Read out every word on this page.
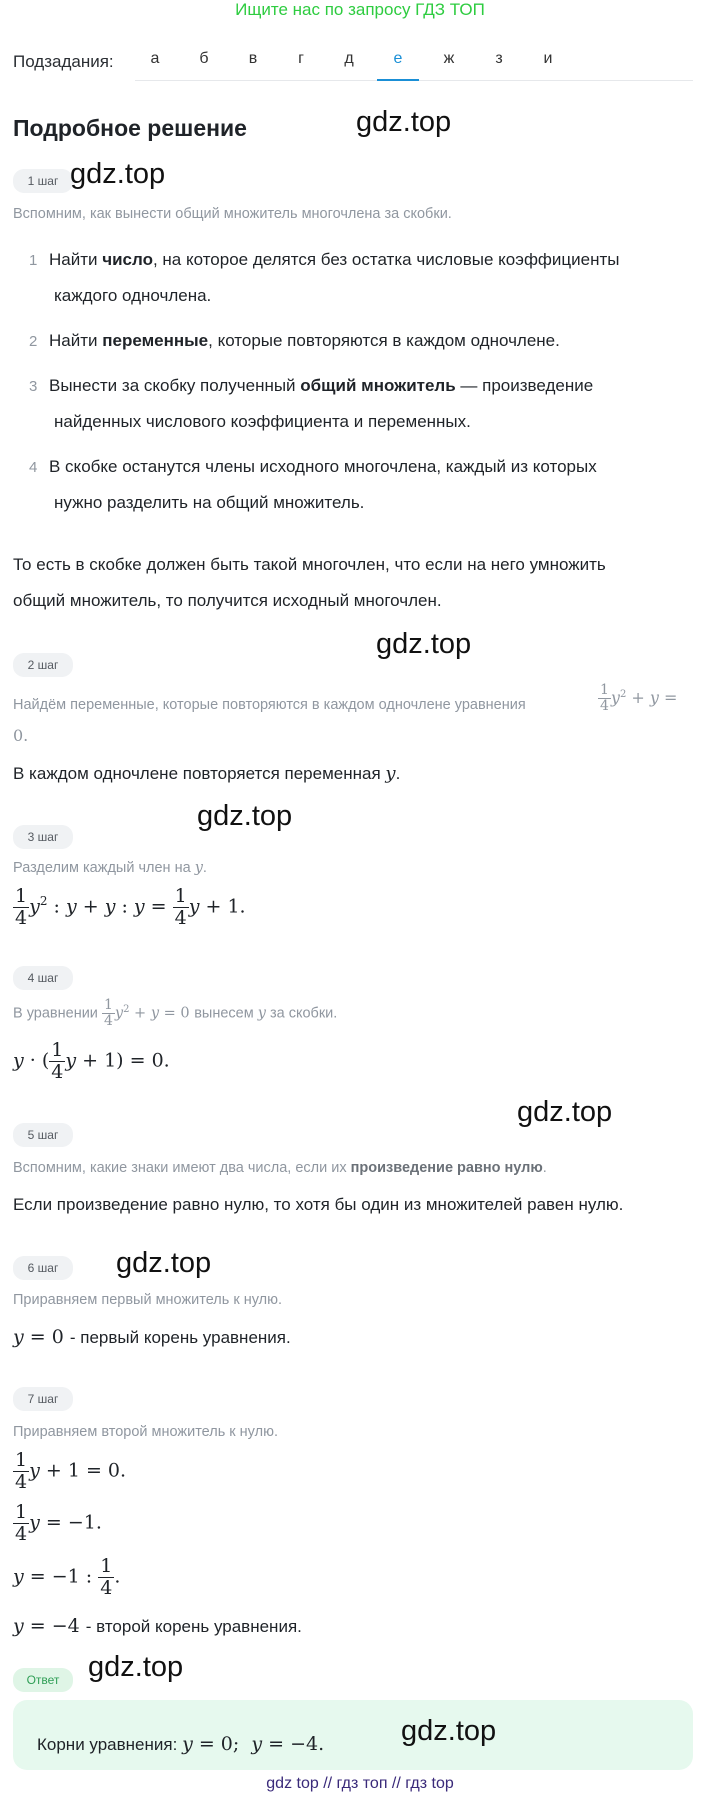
Ищите нас по запросу ГДЗ ТОП
Подзадания:	а	б	в	г	д	е	ж	з	и
Подробное решение	gdz.top
1 шаг gdz.top
Вспомним, как вынести общий множитель многочлена за скобки.
1 Найти число, на которое делятся без остатка числовые коэффициенты
каждого одночлена.
2 Найти переменные, которые повторяются в каждом одночлене.
3 Вынести за скобку полученный общий множитель — произведение
найденных числового коэффициента и переменных.
4 В скобке останутся члены исходного многочлена, каждый из которых
нужно разделить на общий множитель.
То есть в скобке должен быть такой многочлен, что если на него умножить
общий множитель, то получится исходный многочлен.
gdz.top
2 шаг
Найдём переменные, которые повторяются в каждом одночлене уравнения	$\frac{1}{4} y^2 + y$ =
0.
В каждом одночлене повторяется переменная y.
gdz.top
3 шаг
Разделим каждый член на y.
$\frac{1}{4} y^2$ : y + y : $y = \frac{1}{4}$ y + 1.
4 шаг
В уравнении $\frac{1}{4} y^2 + y = 0$ вынесем y за скобки.
y · ( $\frac{1}{4}$ y + 1) = 0.
gdz.top
5 шаг
Вспомним, какие знаки имеют два числа, если их произведение равно нулю.
Если произведение равно нулю, то хотя бы один из множителей равен нулю.
6 шаг	gdz.top
Приравняем первый множитель к нулю.
y = 0 - первый корень уравнения.
7 шаг
Приравняем второй множитель к нулю.
$\frac{1}{4}$ y + 1 = 0.
$\frac{1}{4}$ y = −1.
y = −1 : $\frac{1}{4}$ .
y = −4 - второй корень уравнения.
Ответ gdz.top
Корни уравнения: y = 0;  y = −4.	gdz.top
gdz top // гдз топ // гдз top
